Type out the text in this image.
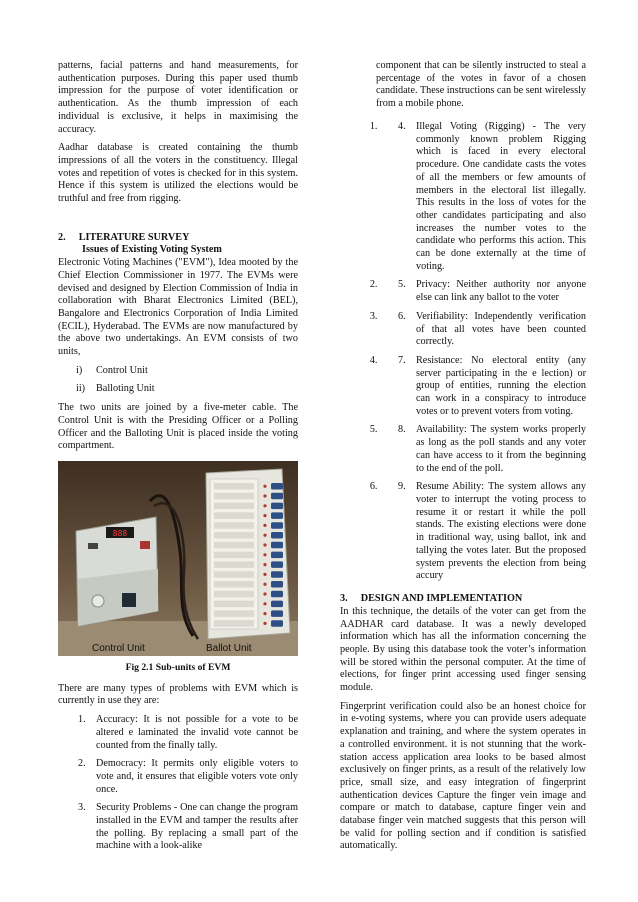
patterns, facial patterns and hand measurements, for authentication purposes. During this paper used thumb impression for the purpose of voter identification or authentication. As the thumb impression of each individual is exclusive, it helps in maximising the accuracy.

Aadhar database is created containing the thumb impressions of all the voters in the constituency. Illegal votes and repetition of votes is checked for in this system. Hence if this system is utilized the elections would be truthful and free from rigging.

2. LITERATURE SURVEY
Issues of Existing Voting System

Electronic Voting Machines ("EVM"), Idea mooted by the Chief Election Commissioner in 1977. The EVMs were devised and designed by Election Commission of India in collaboration with Bharat Electronics Limited (BEL), Bangalore and Electronics Corporation of India Limited (ECIL), Hyderabad. The EVMs are now manufactured by the above two undertakings. An EVM consists of two units,

i) Control Unit
ii) Balloting Unit

The two units are joined by a five-meter cable. The Control Unit is with the Presiding Officer or a Polling Officer and the Balloting Unit is placed inside the voting compartment.

888
Control Unit	Ballot Unit
Fig 2.1 Sub-units of EVM

There are many types of problems with EVM which is currently in use they are:

1. Accuracy: It is not possible for a vote to be altered e laminated the invalid vote cannot be counted from the finally tally.
2. Democracy: It permits only eligible voters to vote and, it ensures that eligible voters vote only once.
3. Security Problems - One can change the program installed in the EVM and tamper the results after the polling. By replacing a small part of the machine with a look-alike
component that can be silently instructed to steal a percentage of the votes in favor of a chosen candidate. These instructions can be sent wirelessly from a mobile phone.
1. 4. Illegal Voting (Rigging) - The very commonly known problem Rigging which is faced in every electoral procedure. One candidate casts the votes of all the members or few amounts of members in the electoral list illegally. This results in the loss of votes for the other candidates participating and also increases the number votes to the candidate who performs this action. This can be done externally at the time of voting.
2. 5. Privacy: Neither authority nor anyone else can link any ballot to the voter
3. 6. Verifiability: Independently verification of that all votes have been counted correctly.
4. 7. Resistance: No electoral entity (any server participating in the e lection) or group of entities, running the election can work in a conspiracy to introduce votes or to prevent voters from voting.
5. 8. Availability: The system works properly as long as the poll stands and any voter can have access to it from the beginning to the end of the poll.
6. 9. Resume Ability: The system allows any voter to interrupt the voting process to resume it or restart it while the poll stands. The existing elections were done in traditional way, using ballot, ink and tallying the votes later. But the proposed system prevents the election from being accury
3. DESIGN AND IMPLEMENTATION

In this technique, the details of the voter can get from the AADHAR card database. It was a newly developed information which has all the information concerning the people. By using this database took the voter’s information will be stored within the personal computer. At the time of elections, for finger print accessing used finger sensing module.

Fingerprint verification could also be an honest choice for in e-voting systems, where you can provide users adequate explanation and training, and where the system operates in a controlled environment. it is not stunning that the work- station access application area looks to be based almost exclusively on finger prints, as a result of the relatively low price, small size, and easy integration of fingerprint authentication devices Capture the finger vein image and compare or match to database, capture finger vein and database finger vein matched suggests that this person will be valid for polling section and if condition is satisfied automatically.
